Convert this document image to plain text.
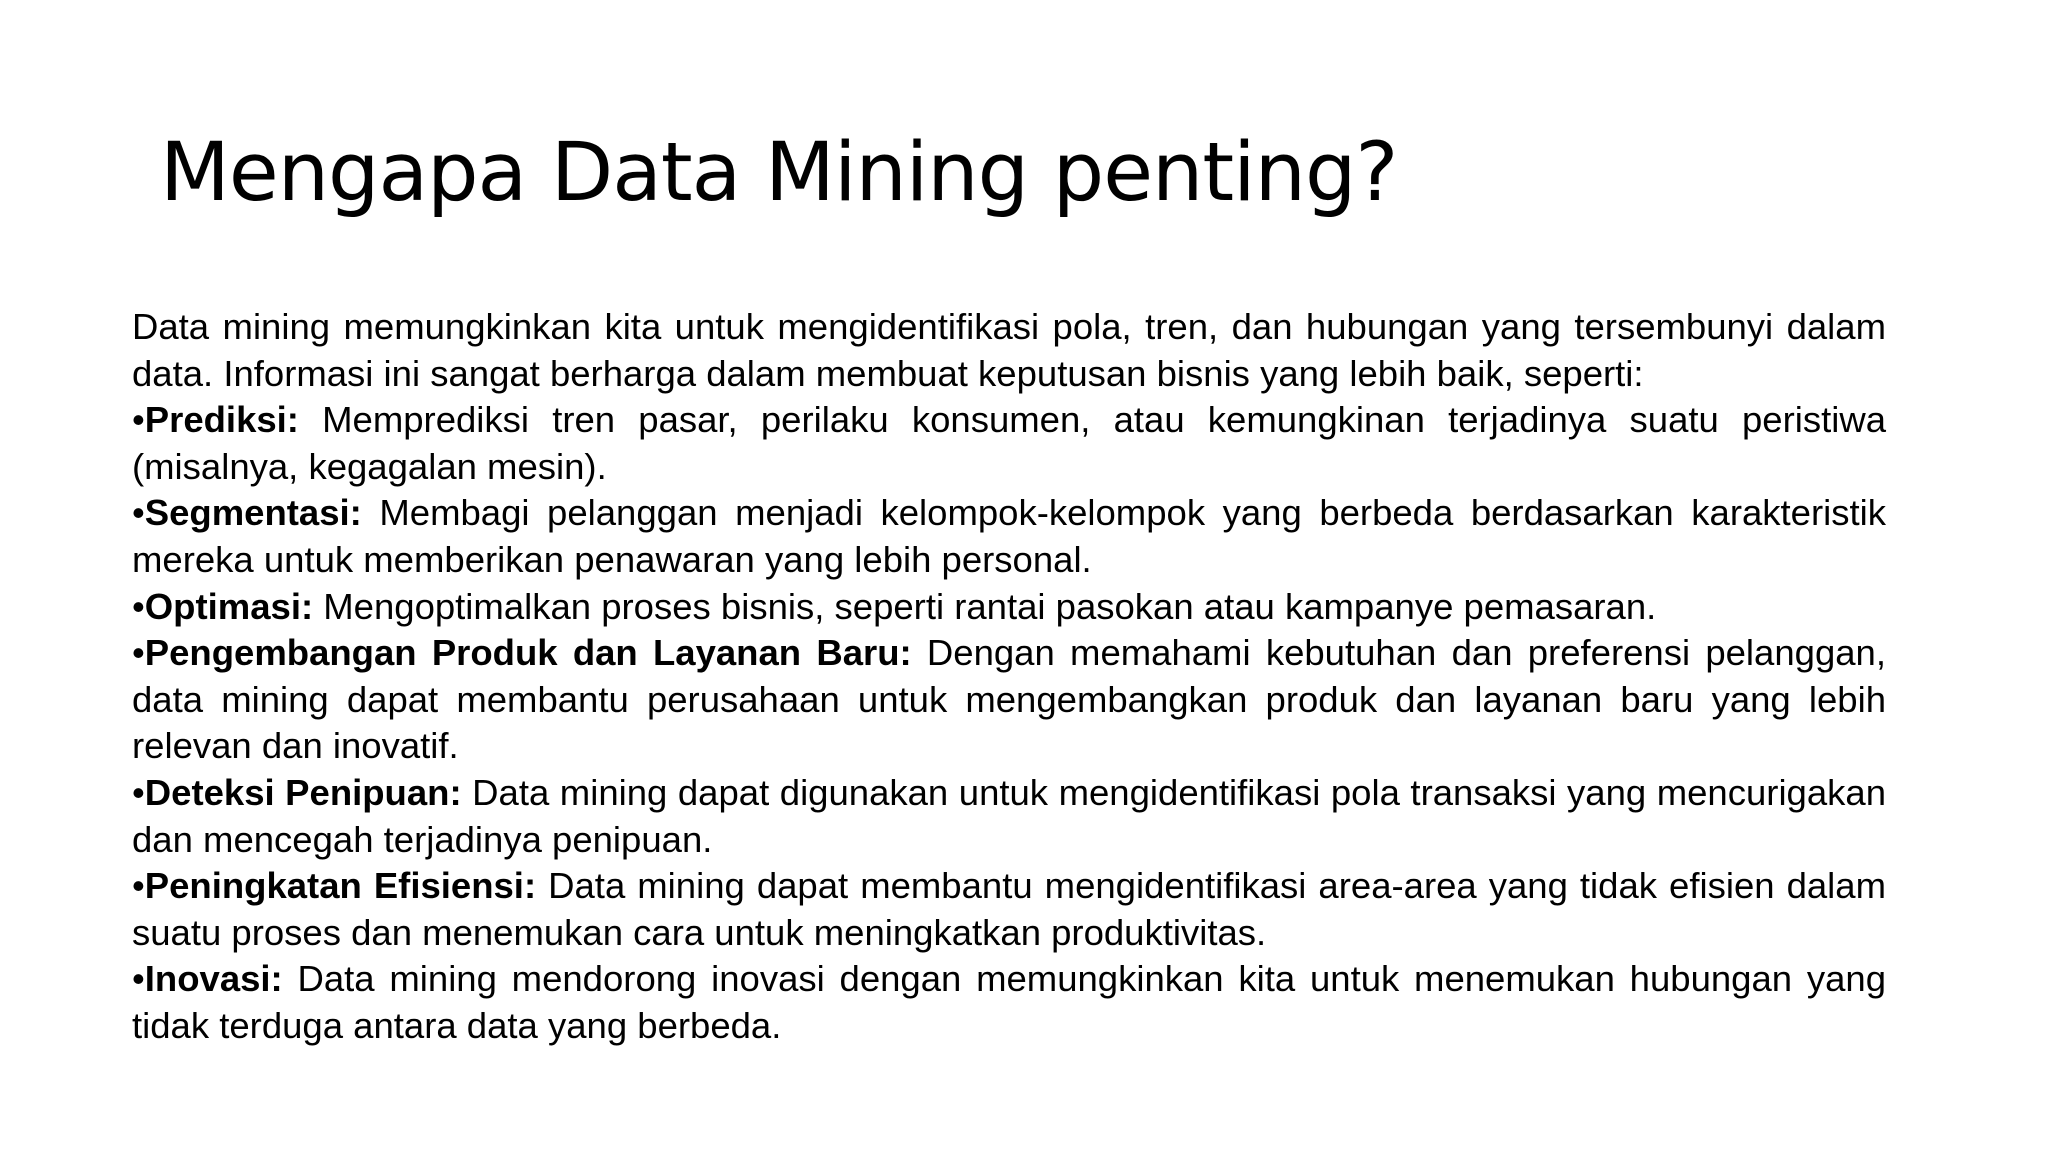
Mengapa Data Mining penting?

Data mining memungkinkan kita untuk mengidentifikasi pola, tren, dan hubungan yang tersembunyi dalam data. Informasi ini sangat berharga dalam membuat keputusan bisnis yang lebih baik, seperti:

•Prediksi: Memprediksi tren pasar, perilaku konsumen, atau kemungkinan terjadinya suatu peristiwa (misalnya, kegagalan mesin).

•Segmentasi: Membagi pelanggan menjadi kelompok-kelompok yang berbeda berdasarkan karakteristik mereka untuk memberikan penawaran yang lebih personal.

•Optimasi: Mengoptimalkan proses bisnis, seperti rantai pasokan atau kampanye pemasaran.

•Pengembangan Produk dan Layanan Baru: Dengan memahami kebutuhan dan preferensi pelanggan, data mining dapat membantu perusahaan untuk mengembangkan produk dan layanan baru yang lebih relevan dan inovatif.

•Deteksi Penipuan: Data mining dapat digunakan untuk mengidentifikasi pola transaksi yang mencurigakan dan mencegah terjadinya penipuan.

•Peningkatan Efisiensi: Data mining dapat membantu mengidentifikasi area-area yang tidak efisien dalam suatu proses dan menemukan cara untuk meningkatkan produktivitas.

•Inovasi: Data mining mendorong inovasi dengan memungkinkan kita untuk menemukan hubungan yang tidak terduga antara data yang berbeda.
